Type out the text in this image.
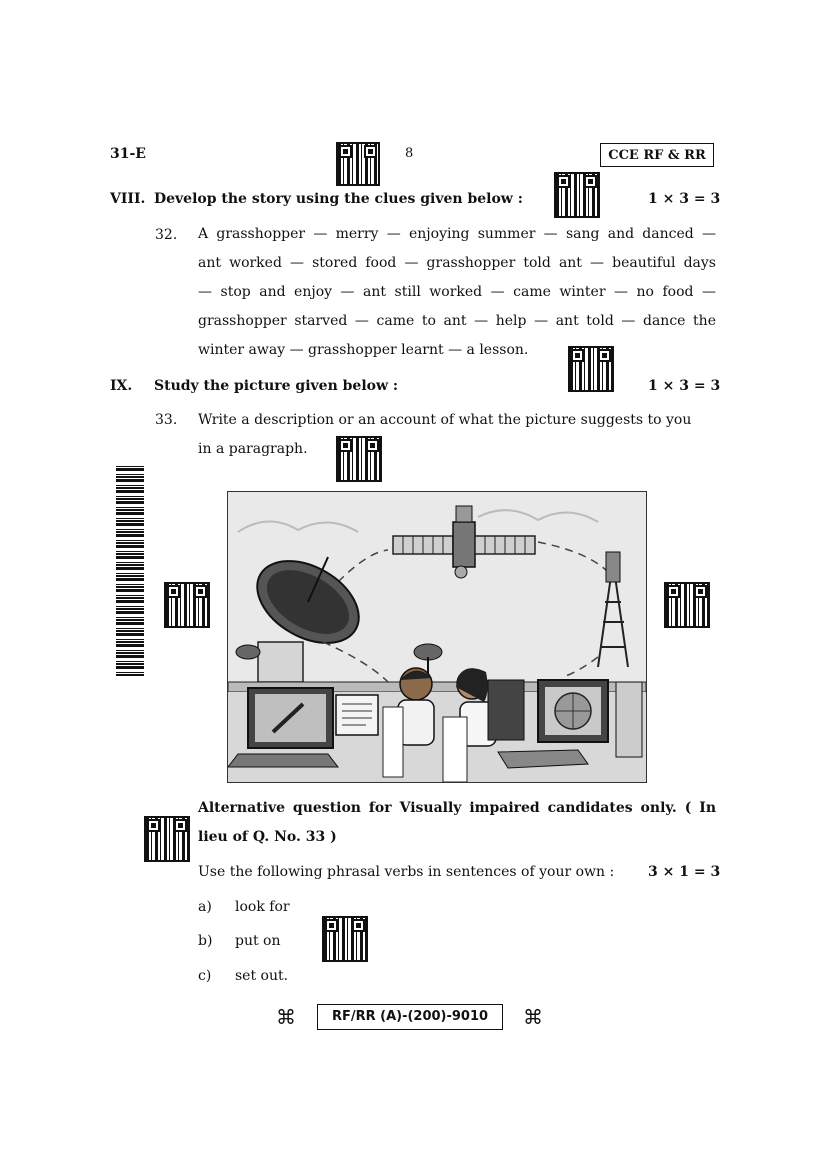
31-E	8	CCE RF & RR
VIII. Develop the story using the clues given below :	1 × 3 = 3
32. A grasshopper — merry — enjoying summer — sang and danced —
ant worked — stored food — grasshopper told ant — beautiful days
— stop and enjoy — ant still worked — came winter — no food —
grasshopper starved — came to ant — help — ant told — dance the
winter away — grasshopper learnt — a lesson.
IX. Study the picture given below :	1 × 3 = 3
33. Write a description or an account of what the picture suggests to you
in a paragraph.
Alternative question for Visually impaired candidates only. ( In
lieu of Q. No. 33 )
Use the following phrasal verbs in sentences of your own : 3 × 1 = 3
a) look for
b) put on
c) set out.
⌘	RF/RR (A)-(200)-9010	⌘
